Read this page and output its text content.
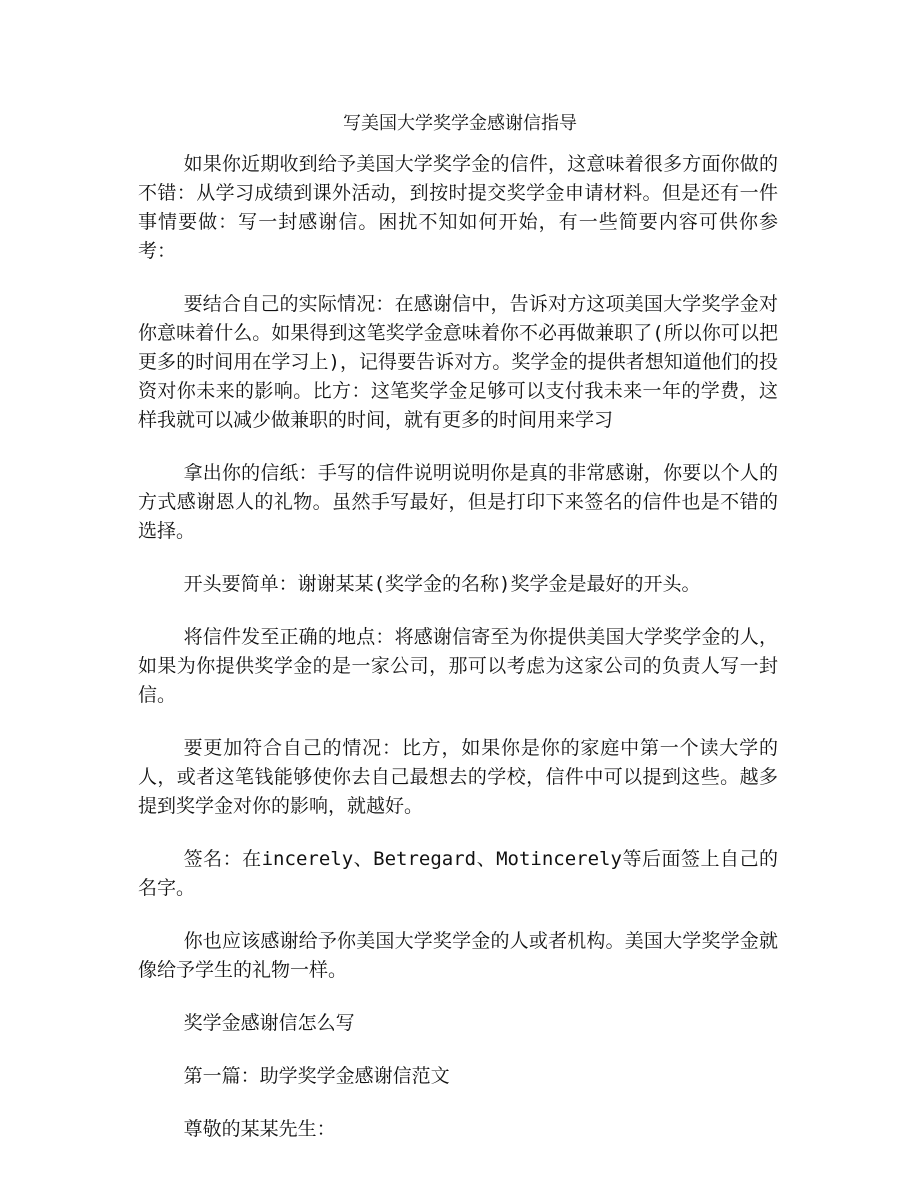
写美国大学奖学金感谢信指导

如果你近期收到给予美国大学奖学金的信件，这意味着很多方面你做的不错：从学习成绩到课外活动，到按时提交奖学金申请材料。但是还有一件事情要做：写一封感谢信。困扰不知如何开始，有一些简要内容可供你参考：

要结合自己的实际情况：在感谢信中，告诉对方这项美国大学奖学金对你意味着什么。如果得到这笔奖学金意味着你不必再做兼职了(所以你可以把更多的时间用在学习上)，记得要告诉对方。奖学金的提供者想知道他们的投资对你未来的影响。比方：这笔奖学金足够可以支付我未来一年的学费，这样我就可以减少做兼职的时间，就有更多的时间用来学习

拿出你的信纸：手写的信件说明说明你是真的非常感谢，你要以个人的方式感谢恩人的礼物。虽然手写最好，但是打印下来签名的信件也是不错的选择。

开头要简单：谢谢某某(奖学金的名称)奖学金是最好的开头。

将信件发至正确的地点：将感谢信寄至为你提供美国大学奖学金的人，如果为你提供奖学金的是一家公司，那可以考虑为这家公司的负责人写一封信。

要更加符合自己的情况：比方，如果你是你的家庭中第一个读大学的人，或者这笔钱能够使你去自己最想去的学校，信件中可以提到这些。越多提到奖学金对你的影响，就越好。

签名：在incerely、Betregard、Motincerely等后面签上自己的名字。

你也应该感谢给予你美国大学奖学金的人或者机构。美国大学奖学金就像给予学生的礼物一样。

奖学金感谢信怎么写

第一篇：助学奖学金感谢信范文

尊敬的某某先生：
